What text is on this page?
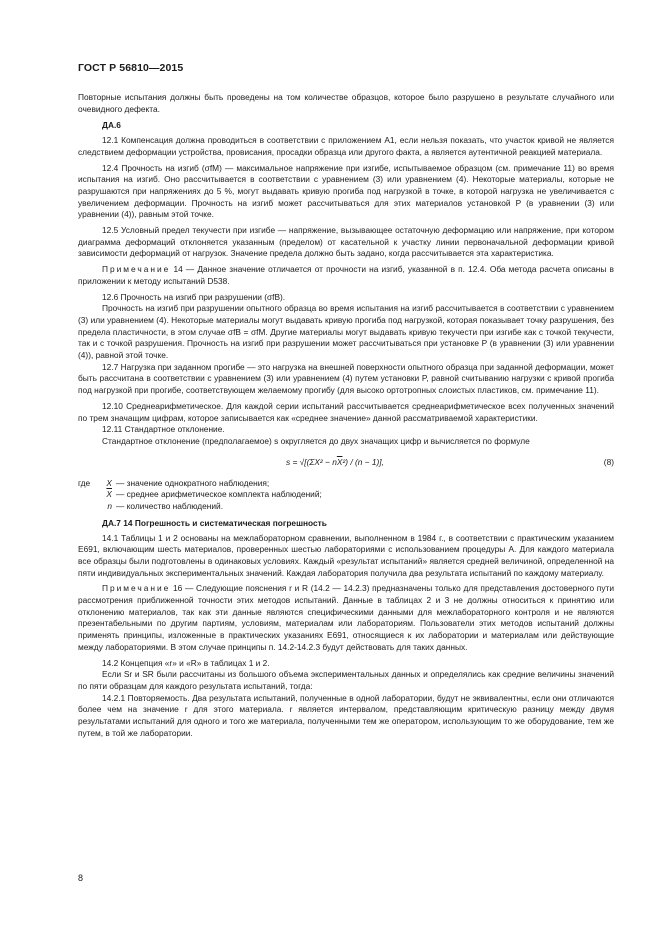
ГОСТ Р 56810—2015

Повторные испытания должны быть проведены на том количестве образцов, которое было разрушено в результате случайного или очевидного дефекта.

ДА.6

12.1 Компенсация должна проводиться в соответствии с приложением A1, если нельзя показать, что участок кривой не является следствием деформации устройства, провисания, просадки образца или другого факта, а является аутентичной реакцией материала.

12.4 Прочность на изгиб (σfM) — максимальное напряжение при изгибе, испытываемое образцом (см. примечание 11) во время испытания на изгиб. Оно рассчитывается в соответствии с уравнением (3) или уравнением (4). Некоторые материалы, которые не разрушаются при напряжениях до 5 %, могут выдавать кривую прогиба под нагрузкой в точке, в которой нагрузка не увеличивается с увеличением деформации. Прочность на изгиб может рассчитываться для этих материалов установкой P (в уравнении (3) или уравнении (4)), равным этой точке.

12.5 Условный предел текучести при изгибе — напряжение, вызывающее остаточную деформацию или напряжение, при котором диаграмма деформаций отклоняется указанным (пределом) от касательной к участку линии первоначальной деформации кривой зависимости деформаций от нагрузок. Значение предела должно быть задано, когда рассчитывается эта характеристика.

Примечание 14 — Данное значение отличается от прочности на изгиб, указанной в п. 12.4. Оба метода расчета описаны в приложении к методу испытаний D538.

12.6 Прочность на изгиб при разрушении (σfB).

Прочность на изгиб при разрушении опытного образца во время испытания на изгиб рассчитывается в соответствии с уравнением (3) или уравнением (4). Некоторые материалы могут выдавать кривую прогиба под нагрузкой, которая показывает точку разрушения, без предела пластичности, в этом случае σfB = σfM. Другие материалы могут выдавать кривую текучести при изгибе как с точкой текучести, так и с точкой разрушения. Прочность на изгиб при разрушении может рассчитываться при установке P (в уравнении (3) или уравнении (4)), равной этой точке.

12.7 Нагрузка при заданном прогибе — это нагрузка на внешней поверхности опытного образца при заданной деформации, может быть рассчитана в соответствии с уравнением (3) или уравнением (4) путем установки P, равной считыванию нагрузки с кривой прогиба под нагрузкой при прогибе, соответствующем желаемому прогибу (для высоко ортотропных слоистых пластиков, см. примечание 11).

12.10 Среднеарифметическое. Для каждой серии испытаний рассчитывается среднеарифметическое всех полученных значений по трем значащим цифрам, которое записывается как «среднее значение» данной рассматриваемой характеристики.

12.11 Стандартное отклонение.

Стандартное отклонение (предполагаемое) s округляется до двух значащих цифр и вычисляется по формуле

$s = √[(\Sigma X^2 - n\overline{X}^2) / (n - 1)]$,	(8)
где	X — значение однократного наблюдения;
$\overline{X}$ — среднее арифметическое комплекта наблюдений;
n — количество наблюдений.

ДА.7 14 Погрешность и систематическая погрешность

14.1 Таблицы 1 и 2 основаны на межлабораторном сравнении, выполненном в 1984 г., в соответствии с практическим указанием Е691, включающим шесть материалов, проверенных шестью лабораториями с использованием процедуры А. Для каждого материала все образцы были подготовлены в одинаковых условиях. Каждый «результат испытаний» является средней величиной, определенной на пяти индивидуальных экспериментальных значений. Каждая лаборатория получила два результата испытаний по каждому материалу.

Примечание 16 — Следующие пояснения r и R (14.2 — 14.2.3) предназначены только для представления достоверного пути рассмотрения приближенной точности этих методов испытаний. Данные в таблицах 2 и 3 не должны относиться к принятию или отклонению материалов, так как эти данные являются специфическими данными для межлабораторного контроля и не являются презентабельными по другим партиям, условиям, материалам или лабораториям. Пользователи этих методов испытаний должны применять принципы, изложенные в практических указаниях Е691, относящиеся к их лаборатории и материалам или действующие между лабораториями. В этом случае принципы п. 14.2-14.2.3 будут действовать для таких данных.

14.2 Концепция «r» и «R» в таблицах 1 и 2.

Если Sr и SR были рассчитаны из большого объема экспериментальных данных и определялись как средние величины значений по пяти образцам для каждого результата испытаний, тогда:

14.2.1 Повторяемость. Два результата испытаний, полученные в одной лаборатории, будут не эквивалентны, если они отличаются более чем на значение r для этого материала. r является интервалом, представляющим критическую разницу между двумя результатами испытаний для одного и того же материала, полученными тем же оператором, использующим то же оборудование, тем же путем, в той же лаборатории.

8
